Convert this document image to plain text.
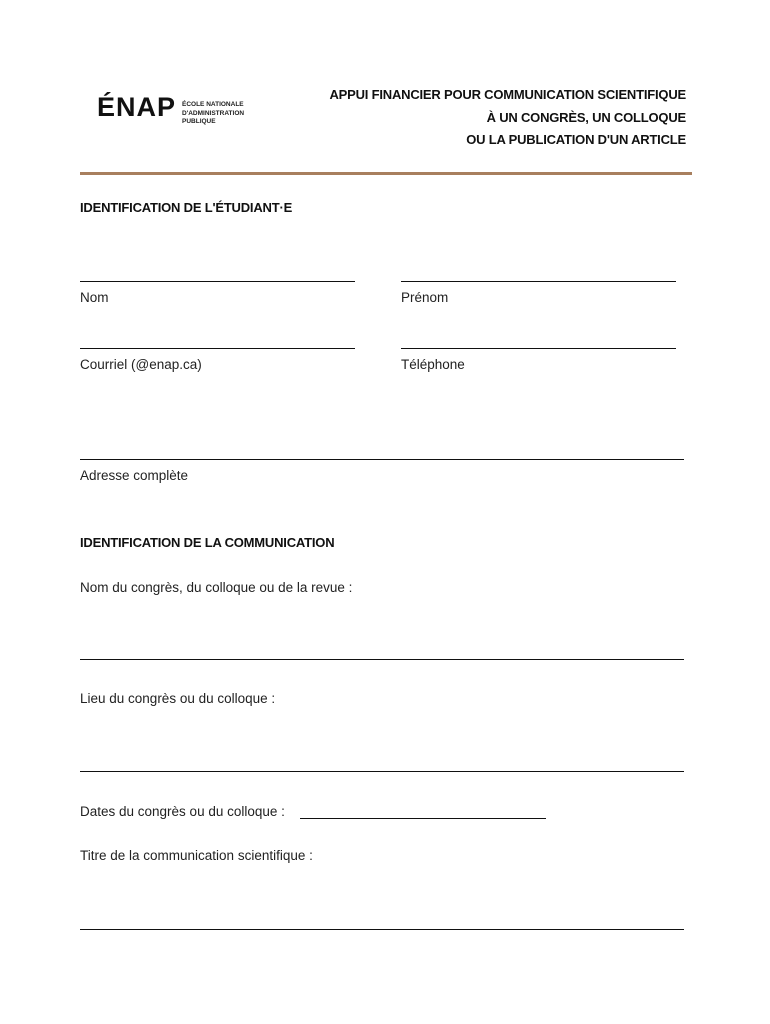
ÉNAP ÉCOLE NATIONALE
D'ADMINISTRATION
PUBLIQUE
APPUI FINANCIER POUR COMMUNICATION SCIENTIFIQUE
À UN CONGRÈS, UN COLLOQUE
OU LA PUBLICATION D'UN ARTICLE
IDENTIFICATION DE L'ÉTUDIANT·E
Nom	Prénom
Courriel (@enap.ca)	Téléphone
Adresse complète
IDENTIFICATION DE LA COMMUNICATION
Nom du congrès, du colloque ou de la revue :
Lieu du congrès ou du colloque :
Dates du congrès ou du colloque :
Titre de la communication scientifique :
